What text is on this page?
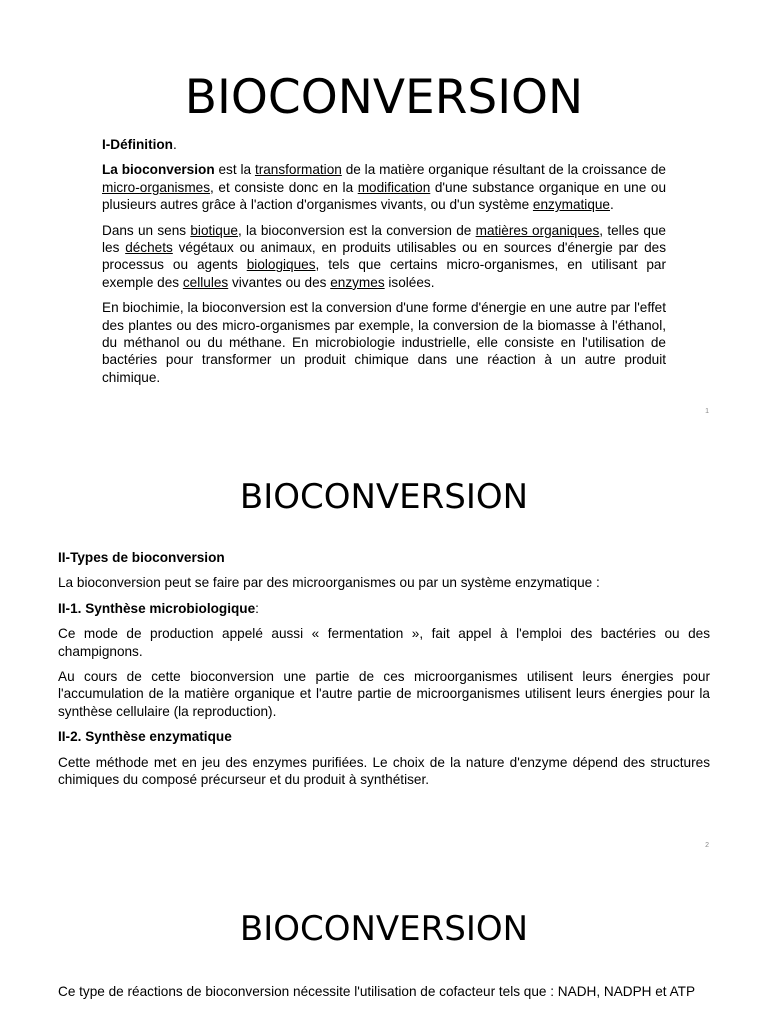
BIOCONVERSION

I-Définition.

La bioconversion est la transformation de la matière organique résultant de la croissance de micro-organismes, et consiste donc en la modification d'une substance organique en une ou plusieurs autres grâce à l'action d'organismes vivants, ou d'un système enzymatique.

Dans un sens biotique, la bioconversion est la conversion de matières organiques, telles que les déchets végétaux ou animaux, en produits utilisables ou en sources d'énergie par des processus ou agents biologiques, tels que certains micro-organismes, en utilisant par exemple des cellules vivantes ou des enzymes isolées.

En biochimie, la bioconversion est la conversion d'une forme d'énergie en une autre par l'effet des plantes ou des micro-organismes par exemple, la conversion de la biomasse à l'éthanol, du méthanol ou du méthane. En microbiologie industrielle, elle consiste en l'utilisation de bactéries pour transformer un produit chimique dans une réaction à un autre produit chimique.

1
BIOCONVERSION

II-Types de bioconversion

La bioconversion peut se faire par des microorganismes ou par un système enzymatique :

II-1. Synthèse microbiologique:

Ce mode de production appelé aussi « fermentation », fait appel à l'emploi des bactéries ou des champignons.

Au cours de cette bioconversion une partie de ces microorganismes utilisent leurs énergies pour l'accumulation de la matière organique et l'autre partie de microorganismes utilisent leurs énergies pour la synthèse cellulaire (la reproduction).

II-2. Synthèse enzymatique

Cette méthode met en jeu des enzymes purifiées. Le choix de la nature d'enzyme dépend des structures chimiques du composé précurseur et du produit à synthétiser.

2
BIOCONVERSION

Ce type de réactions de bioconversion nécessite l'utilisation de cofacteur tels que : NADH, NADPH et ATP
